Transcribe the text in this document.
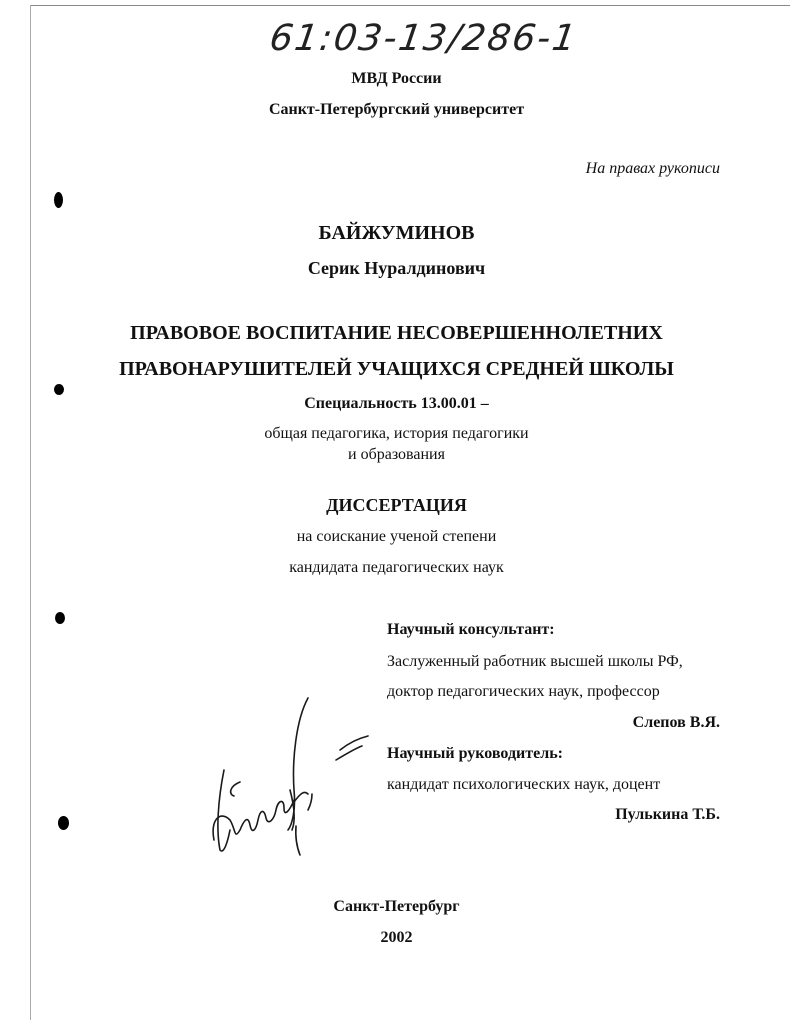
61:03-13/286-1
МВД России
Санкт-Петербургский университет
На правах рукописи
БАЙЖУМИНОВ
Серик Нуралдинович
ПРАВОВОЕ ВОСПИТАНИЕ НЕСОВЕРШЕННОЛЕТНИХ
ПРАВОНАРУШИТЕЛЕЙ УЧАЩИХСЯ СРЕДНЕЙ ШКОЛЫ
Специальность 13.00.01 –
общая педагогика, история педагогики
и образования
ДИССЕРТАЦИЯ
на соискание ученой степени
кандидата педагогических наук
Научный консультант:
Заслуженный работник высшей школы РФ,
доктор педагогических наук, профессор
Слепов В.Я.
Научный руководитель:
кандидат психологических наук, доцент
Пулькина Т.Б.
Санкт-Петербург
2002
